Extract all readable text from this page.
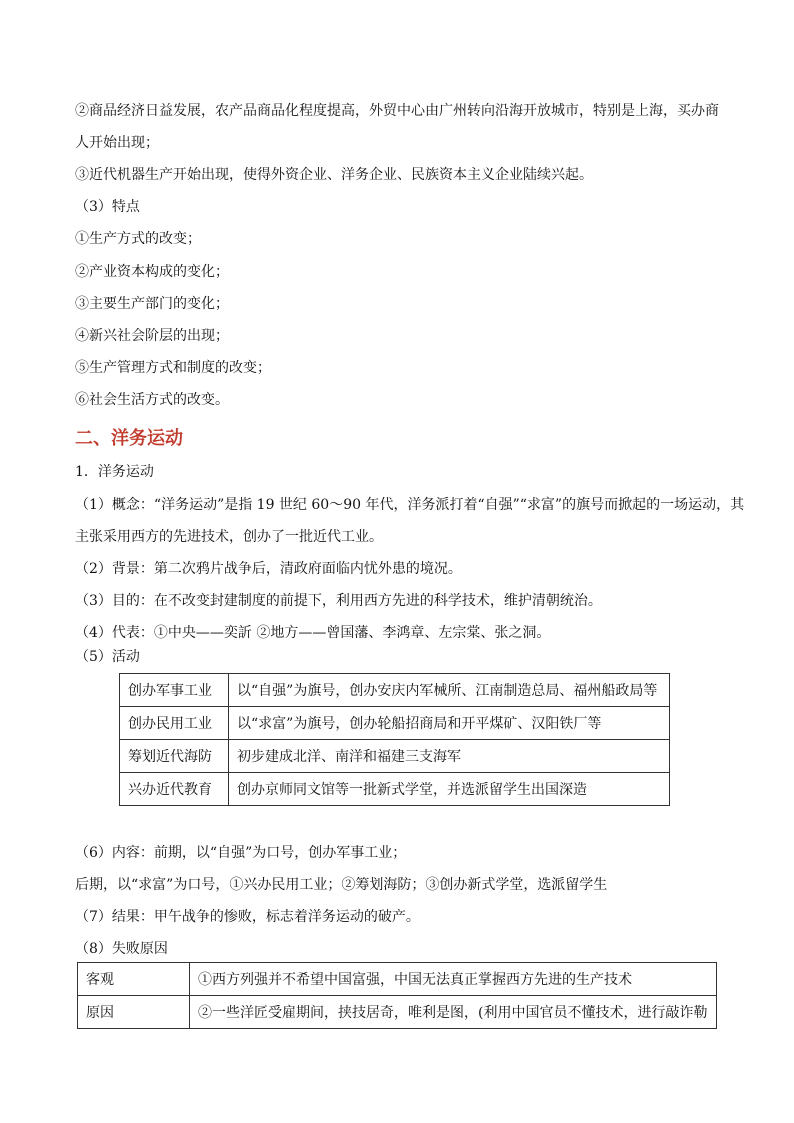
②商品经济日益发展，农产品商品化程度提高，外贸中心由广州转向沿海开放城市，特别是上海，买办商
人开始出现；
③近代机器生产开始出现，使得外资企业、洋务企业、民族资本主义企业陆续兴起。
（3）特点
①生产方式的改变；
②产业资本构成的变化；
③主要生产部门的变化；
④新兴社会阶层的出现；
⑤生产管理方式和制度的改变；
⑥社会生活方式的改变。
二、洋务运动
1．洋务运动
（1）概念：“洋务运动”是指 19 世纪 60～90 年代，洋务派打着“自强”“求富”的旗号而掀起的一场运动，其
主张采用西方的先进技术，创办了一批近代工业。
（2）背景：第二次鸦片战争后，清政府面临内忧外患的境况。
（3）目的：在不改变封建制度的前提下，利用西方先进的科学技术，维护清朝统治。
（4）代表：①中央——奕訢 ②地方——曾国藩、李鸿章、左宗棠、张之洞。
（5）活动
创办军事工业	以“自强”为旗号，创办安庆内军械所、江南制造总局、福州船政局等
创办民用工业	以“求富”为旗号，创办轮船招商局和开平煤矿、汉阳铁厂等
筹划近代海防	初步建成北洋、南洋和福建三支海军
兴办近代教育	创办京师同文馆等一批新式学堂，并选派留学生出国深造
（6）内容：前期，以“自强”为口号，创办军事工业；
后期，以“求富”为口号，①兴办民用工业；②筹划海防；③创办新式学堂，选派留学生
（7）结果：甲午战争的惨败，标志着洋务运动的破产。
（8）失败原因
客观	①西方列强并不希望中国富强，中国无法真正掌握西方先进的生产技术
原因	②一些洋匠受雇期间，挟技居奇，唯利是图，(利用中国官员不懂技术，进行敲诈勒
